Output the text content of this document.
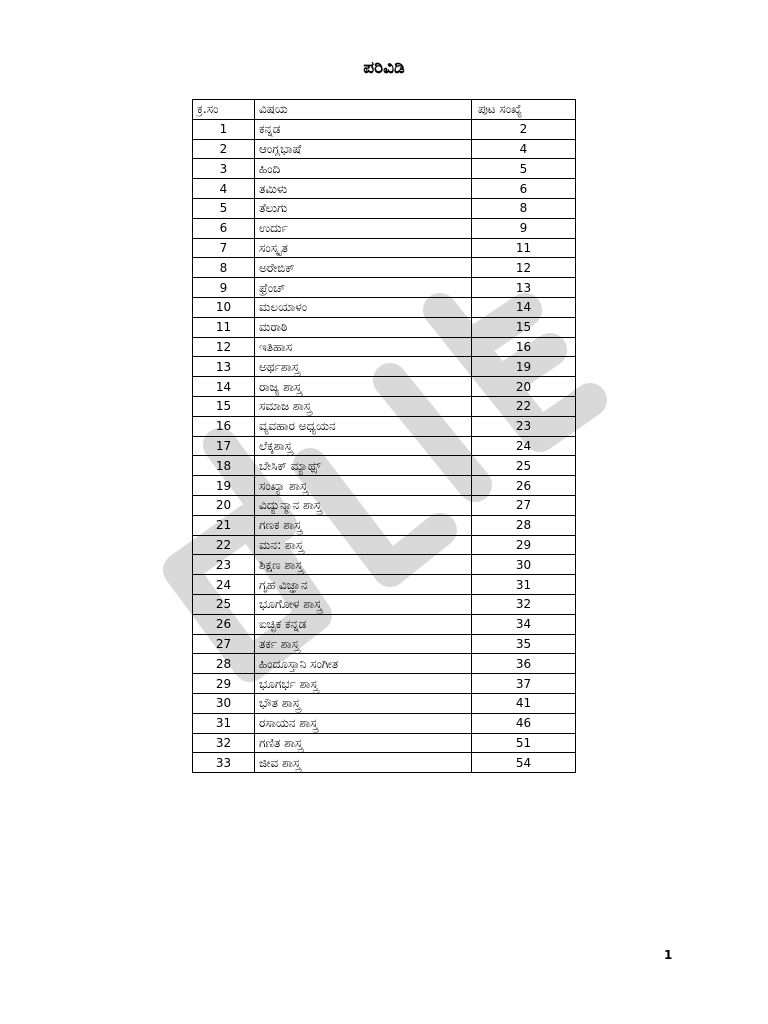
ಪರಿವಿಡಿ
ಕ್ರ.ಸಂ	ವಿಷಯ	ಪುಟ ಸಂಖ್ಯೆ
1	ಕನ್ನಡ	2
2	ಆಂಗ್ಲಭಾಷೆ	4
3	ಹಿಂದಿ	5
4	ತಮಿಳು	6
5	ತೆಲುಗು	8
6	ಉರ್ದು	9
7	ಸಂಸ್ಕೃತ	11
8	ಅರೇಬಿಕ್	12
9	ಫ್ರೆಂಚ್	13
10	ಮಲಯಾಳಂ	14
11	ಮರಾಠಿ	15
12	ಇತಿಹಾಸ	16
13	ಅರ್ಥಶಾಸ್ತ್ರ	19
14	ರಾಜ್ಯ ಶಾಸ್ತ್ರ	20
15	ಸಮಾಜ ಶಾಸ್ತ್ರ	22
16	ವ್ಯವಹಾರ ಅಧ್ಯಯನ	23
17	ಲೆಕ್ಕಶಾಸ್ತ್ರ	24
18	ಬೇಸಿಕ್ ಮ್ಯಾಥ್ಸ್	25
19	ಸಂಖ್ಯಾ ಶಾಸ್ತ್ರ	26
20	ವಿದ್ಯುನ್ಮಾನ ಶಾಸ್ತ್ರ	27
21	ಗಣಕ ಶಾಸ್ತ್ರ	28
22	ಮನ: ಶಾಸ್ತ್ರ	29
23	ಶಿಕ್ಷಣ ಶಾಸ್ತ್ರ	30
24	ಗೃಹ ವಿಜ್ಞಾನ	31
25	ಭೂಗೋಳ ಶಾಸ್ತ್ರ	32
26	ಐಚ್ಛಿಕ ಕನ್ನಡ	34
27	ತರ್ಕ ಶಾಸ್ತ್ರ	35
28	ಹಿಂದೂಸ್ತಾನಿ ಸಂಗೀತ	36
29	ಭೂಗರ್ಭ ಶಾಸ್ತ್ರ	37
30	ಭೌತ ಶಾಸ್ತ್ರ	41
31	ರಸಾಯನ ಶಾಸ್ತ್ರ	46
32	ಗಣಿತ ಶಾಸ್ತ್ರ	51
33	ಜೀವ ಶಾಸ್ತ್ರ	54
1
